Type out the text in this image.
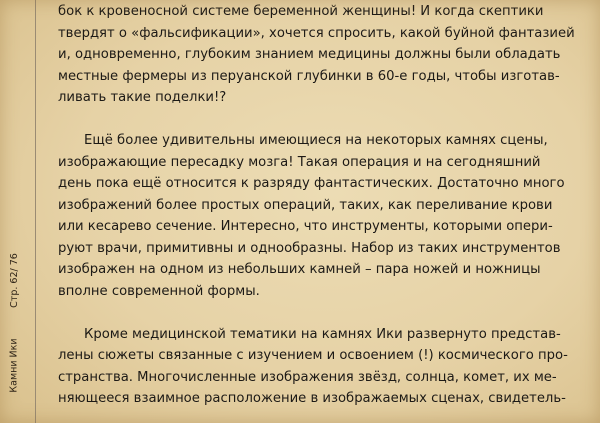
Стр. 62/ 76
Камни Ики
бок к кровеносной системе беременной женщины! И когда скептики
твердят о «фальсификации», хочется спросить, какой буйной фантазией
и, одновременно, глубоким знанием медицины должны были обладать
местные фермеры из перуанской глубинки в 60-е годы, чтобы изготав-
ливать такие поделки!?
Ещё более удивительны имеющиеся на некоторых камнях сцены,
изображающие пересадку мозга! Такая операция и на сегодняшний
день пока ещё относится к разряду фантастических. Достаточно много
изображений более простых операций, таких, как переливание крови
или кесарево сечение. Интересно, что инструменты, которыми опери-
руют врачи, примитивны и однообразны. Набор из таких инструментов
изображен на одном из небольших камней – пара ножей и ножницы
вполне современной формы.
Кроме медицинской тематики на камнях Ики развернуто представ-
лены сюжеты связанные с изучением и освоением (!) космического про-
странства. Многочисленные изображения звёзд, солнца, комет, их ме-
няющееся взаимное расположение в изображаемых сценах, свидетель-
